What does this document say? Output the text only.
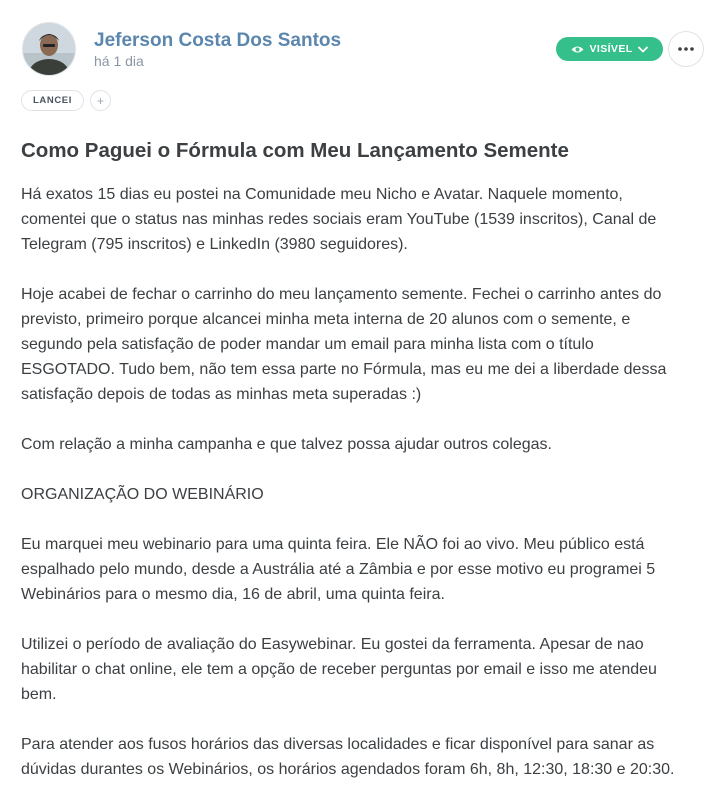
Jeferson Costa Dos Santos
há 1 dia
VISÍVEL
LANCEI	+
Como Paguei o Fórmula com Meu Lançamento Semente

Há exatos 15 dias eu postei na Comunidade meu Nicho e Avatar. Naquele momento,
comentei que o status nas minhas redes sociais eram YouTube (1539 inscritos), Canal de
Telegram (795 inscritos) e LinkedIn (3980 seguidores).

Hoje acabei de fechar o carrinho do meu lançamento semente. Fechei o carrinho antes do
previsto, primeiro porque alcancei minha meta interna de 20 alunos com o semente, e
segundo pela satisfação de poder mandar um email para minha lista com o título
ESGOTADO. Tudo bem, não tem essa parte no Fórmula, mas eu me dei a liberdade dessa
satisfação depois de todas as minhas meta superadas :)

Com relação a minha campanha e que talvez possa ajudar outros colegas.

ORGANIZAÇÃO DO WEBINÁRIO

Eu marquei meu webinario para uma quinta feira. Ele NÃO foi ao vivo. Meu público está
espalhado pelo mundo, desde a Austrália até a Zâmbia e por esse motivo eu programei 5
Webinários para o mesmo dia, 16 de abril, uma quinta feira.

Utilizei o período de avaliação do Easywebinar. Eu gostei da ferramenta. Apesar de nao
habilitar o chat online, ele tem a opção de receber perguntas por email e isso me atendeu
bem.

Para atender aos fusos horários das diversas localidades e ficar disponível para sanar as
dúvidas durantes os Webinários, os horários agendados foram 6h, 8h, 12:30, 18:30 e 20:30.
